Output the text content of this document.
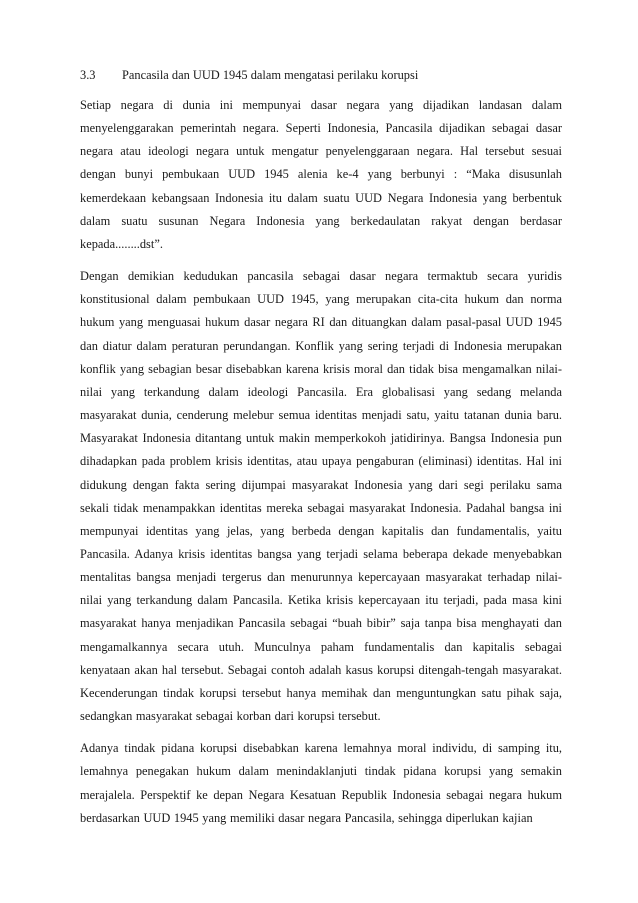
3.3	Pancasila dan UUD 1945 dalam mengatasi perilaku korupsi

Setiap negara di dunia ini mempunyai dasar negara yang dijadikan landasan dalam menyelenggarakan pemerintah negara. Seperti Indonesia, Pancasila dijadikan sebagai dasar negara atau ideologi negara untuk mengatur penyelenggaraan negara. Hal tersebut sesuai dengan bunyi pembukaan UUD 1945 alenia ke-4 yang berbunyi : “Maka disusunlah kemerdekaan kebangsaan Indonesia itu dalam suatu UUD Negara Indonesia yang berbentuk dalam suatu susunan Negara Indonesia yang berkedaulatan rakyat dengan berdasar kepada........dst”.

Dengan demikian kedudukan pancasila sebagai dasar negara termaktub secara yuridis konstitusional dalam pembukaan UUD 1945, yang merupakan cita-cita hukum dan norma hukum yang menguasai hukum dasar negara RI dan dituangkan dalam pasal-pasal UUD 1945 dan diatur dalam peraturan perundangan. Konflik yang sering terjadi di Indonesia merupakan konflik yang sebagian besar disebabkan karena krisis moral dan tidak bisa mengamalkan nilai-nilai yang terkandung dalam ideologi Pancasila. Era globalisasi yang sedang melanda masyarakat dunia, cenderung melebur semua identitas menjadi satu, yaitu tatanan dunia baru. Masyarakat Indonesia ditantang untuk makin memperkokoh jatidirinya. Bangsa Indonesia pun dihadapkan pada problem krisis identitas, atau upaya pengaburan (eliminasi) identitas. Hal ini didukung dengan fakta sering dijumpai masyarakat Indonesia yang dari segi perilaku sama sekali tidak menampakkan identitas mereka sebagai masyarakat Indonesia. Padahal bangsa ini mempunyai identitas yang jelas, yang berbeda dengan kapitalis dan fundamentalis, yaitu Pancasila. Adanya krisis identitas bangsa yang terjadi selama beberapa dekade menyebabkan mentalitas bangsa menjadi tergerus dan menurunnya kepercayaan masyarakat terhadap nilai-nilai yang terkandung dalam Pancasila. Ketika krisis kepercayaan itu terjadi, pada masa kini masyarakat hanya menjadikan Pancasila sebagai “buah bibir” saja tanpa bisa menghayati dan mengamalkannya secara utuh. Munculnya paham fundamentalis dan kapitalis sebagai kenyataan akan hal tersebut. Sebagai contoh adalah kasus korupsi ditengah-tengah masyarakat. Kecenderungan tindak korupsi tersebut hanya memihak dan menguntungkan satu pihak saja, sedangkan masyarakat sebagai korban dari korupsi tersebut.

Adanya tindak pidana korupsi disebabkan karena lemahnya moral individu, di samping itu, lemahnya penegakan hukum dalam menindaklanjuti tindak pidana korupsi yang semakin merajalela. Perspektif ke depan Negara Kesatuan Republik Indonesia sebagai negara hukum berdasarkan UUD 1945 yang memiliki dasar negara Pancasila, sehingga diperlukan kajian
